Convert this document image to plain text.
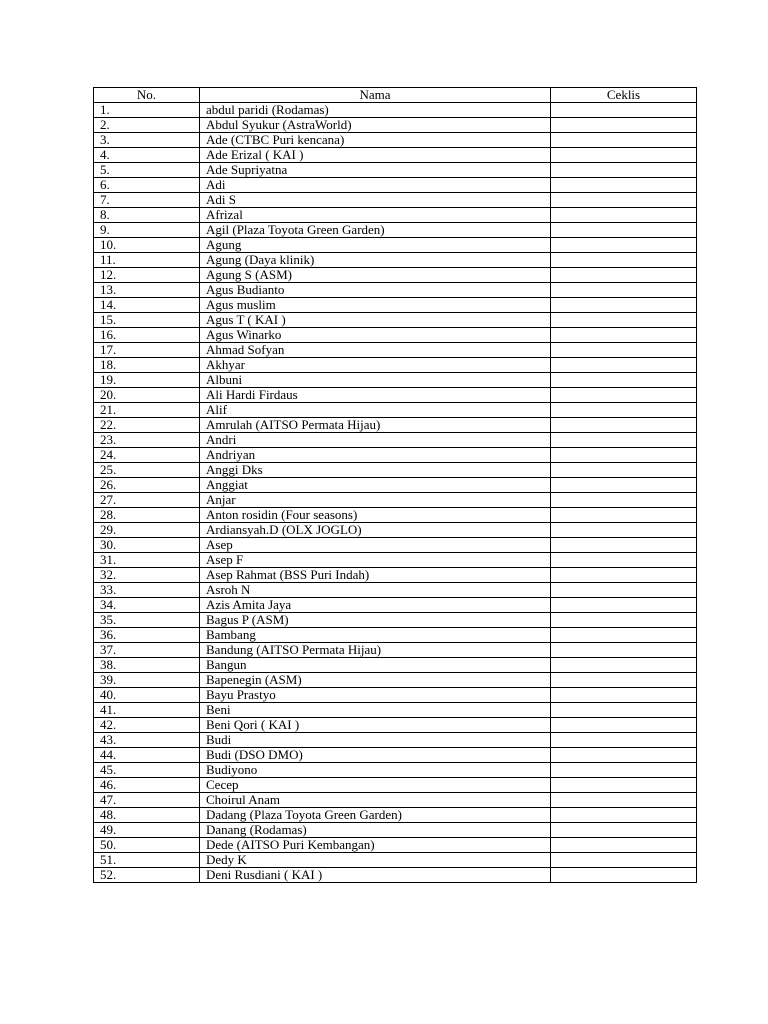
No.	Nama	Ceklis
1.	abdul paridi (Rodamas)	
2.	Abdul Syukur (AstraWorld)	
3.	Ade (CTBC Puri kencana)	
4.	Ade Erizal ( KAI )	
5.	Ade Supriyatna	
6.	Adi	
7.	Adi S	
8.	Afrizal	
9.	Agil (Plaza Toyota Green Garden)	
10.	Agung	
11.	Agung (Daya klinik)	
12.	Agung S (ASM)	
13.	Agus Budianto	
14.	Agus muslim	
15.	Agus T ( KAI )	
16.	Agus Winarko	
17.	Ahmad Sofyan	
18.	Akhyar	
19.	Albuni	
20.	Ali Hardi Firdaus	
21.	Alif	
22.	Amrulah (AITSO Permata Hijau)	
23.	Andri	
24.	Andriyan	
25.	Anggi Dks	
26.	Anggiat	
27.	Anjar	
28.	Anton rosidin (Four seasons)	
29.	Ardiansyah.D (OLX JOGLO)	
30.	Asep	
31.	Asep F	
32.	Asep Rahmat (BSS Puri Indah)	
33.	Asroh N	
34.	Azis Amita Jaya	
35.	Bagus P (ASM)	
36.	Bambang	
37.	Bandung (AITSO Permata Hijau)	
38.	Bangun	
39.	Bapenegin (ASM)	
40.	Bayu Prastyo	
41.	Beni	
42.	Beni Qori ( KAI )	
43.	Budi	
44.	Budi (DSO DMO)	
45.	Budiyono	
46.	Cecep	
47.	Choirul Anam	
48.	Dadang (Plaza Toyota Green Garden)	
49.	Danang (Rodamas)	
50.	Dede (AITSO Puri Kembangan)	
51.	Dedy K	
52.	Deni Rusdiani ( KAI )	
